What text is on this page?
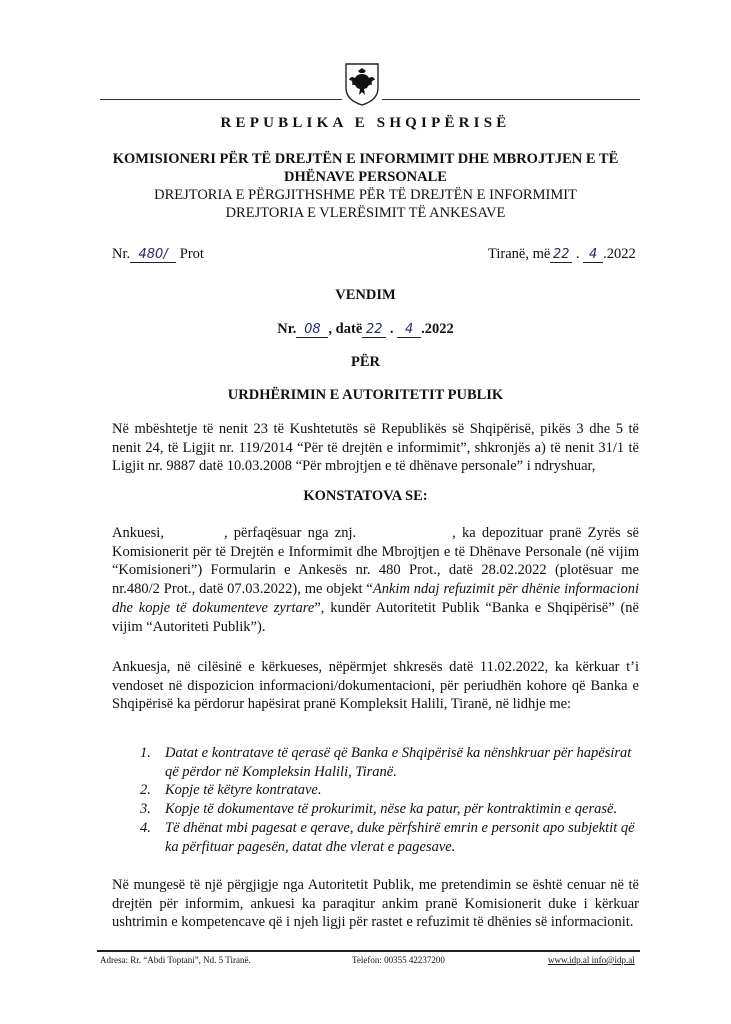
REPUBLIKA E SHQIPËRISË
KOMISIONERI PËR TË DREJTËN E INFORMIMIT DHE MBROJTJEN E TË
DHËNAVE PERSONALE
DREJTORIA E PËRGJITHSHME PËR TË DREJTËN E INFORMIMIT
DREJTORIA E VLERËSIMIT TË ANKESAVE
Nr. 480/ Prot	Tiranë, më 22 . 4 .2022
VENDIM
Nr. 08 , datë 22 . 4 .2022
PËR
URDHËRIMIN E AUTORITETIT PUBLIK
Në mbështetje të nenit 23 të Kushtetutës së Republikës së Shqipërisë, pikës 3 dhe 5 të nenit 24, të Ligjit nr. 119/2014 “Për të drejtën e informimit”, shkronjës a) të nenit 31/1 të Ligjit nr. 9887 datë 10.03.2008 “Për mbrojtjen e të dhënave personale” i ndryshuar,
KONSTATOVA SE:
Ankuesi,	, përfaqësuar nga znj.	, ka depozituar pranë Zyrës së Komisionerit për të Drejtën e Informimit dhe Mbrojtjen e të Dhënave Personale (në vijim “Komisioneri”) Formularin e Ankesës nr. 480 Prot., datë 28.02.2022 (plotësuar me nr.480/2 Prot., datë 07.03.2022), me objekt “Ankim ndaj refuzimit për dhënie informacioni dhe kopje të dokumenteve zyrtare”, kundër Autoritetit Publik “Banka e Shqipërisë” (në vijim “Autoriteti Publik”).
Ankuesja, në cilësinë e kërkueses, nëpërmjet shkresës datë 11.02.2022, ka kërkuar t’i vendoset në dispozicion informacioni/dokumentacioni, për periudhën kohore që Banka e Shqipërisë ka përdorur hapësirat pranë Kompleksit Halili, Tiranë, në lidhje me:
1. Datat e kontratave të qerasë që Banka e Shqipërisë ka nënshkruar për hapësirat që përdor në Kompleksin Halili, Tiranë.
2. Kopje të këtyre kontratave.
3. Kopje të dokumentave të prokurimit, nëse ka patur, për kontraktimin e qerasë.
4. Të dhënat mbi pagesat e qerave, duke përfshirë emrin e personit apo subjektit që ka përfituar pagesën, datat dhe vlerat e pagesave.
Në mungesë të një përgjigje nga Autoritetit Publik, me pretendimin se është cenuar në të drejtën për informim, ankuesi ka paraqitur ankim pranë Komisionerit duke i kërkuar ushtrimin e kompetencave që i njeh ligji për rastet e refuzimit të dhënies së informacionit.
Adresa: Rr. “Abdi Toptani”, Nd. 5 Tiranë.	Telefon: 00355 42237200	www.idp.al info@idp.al
